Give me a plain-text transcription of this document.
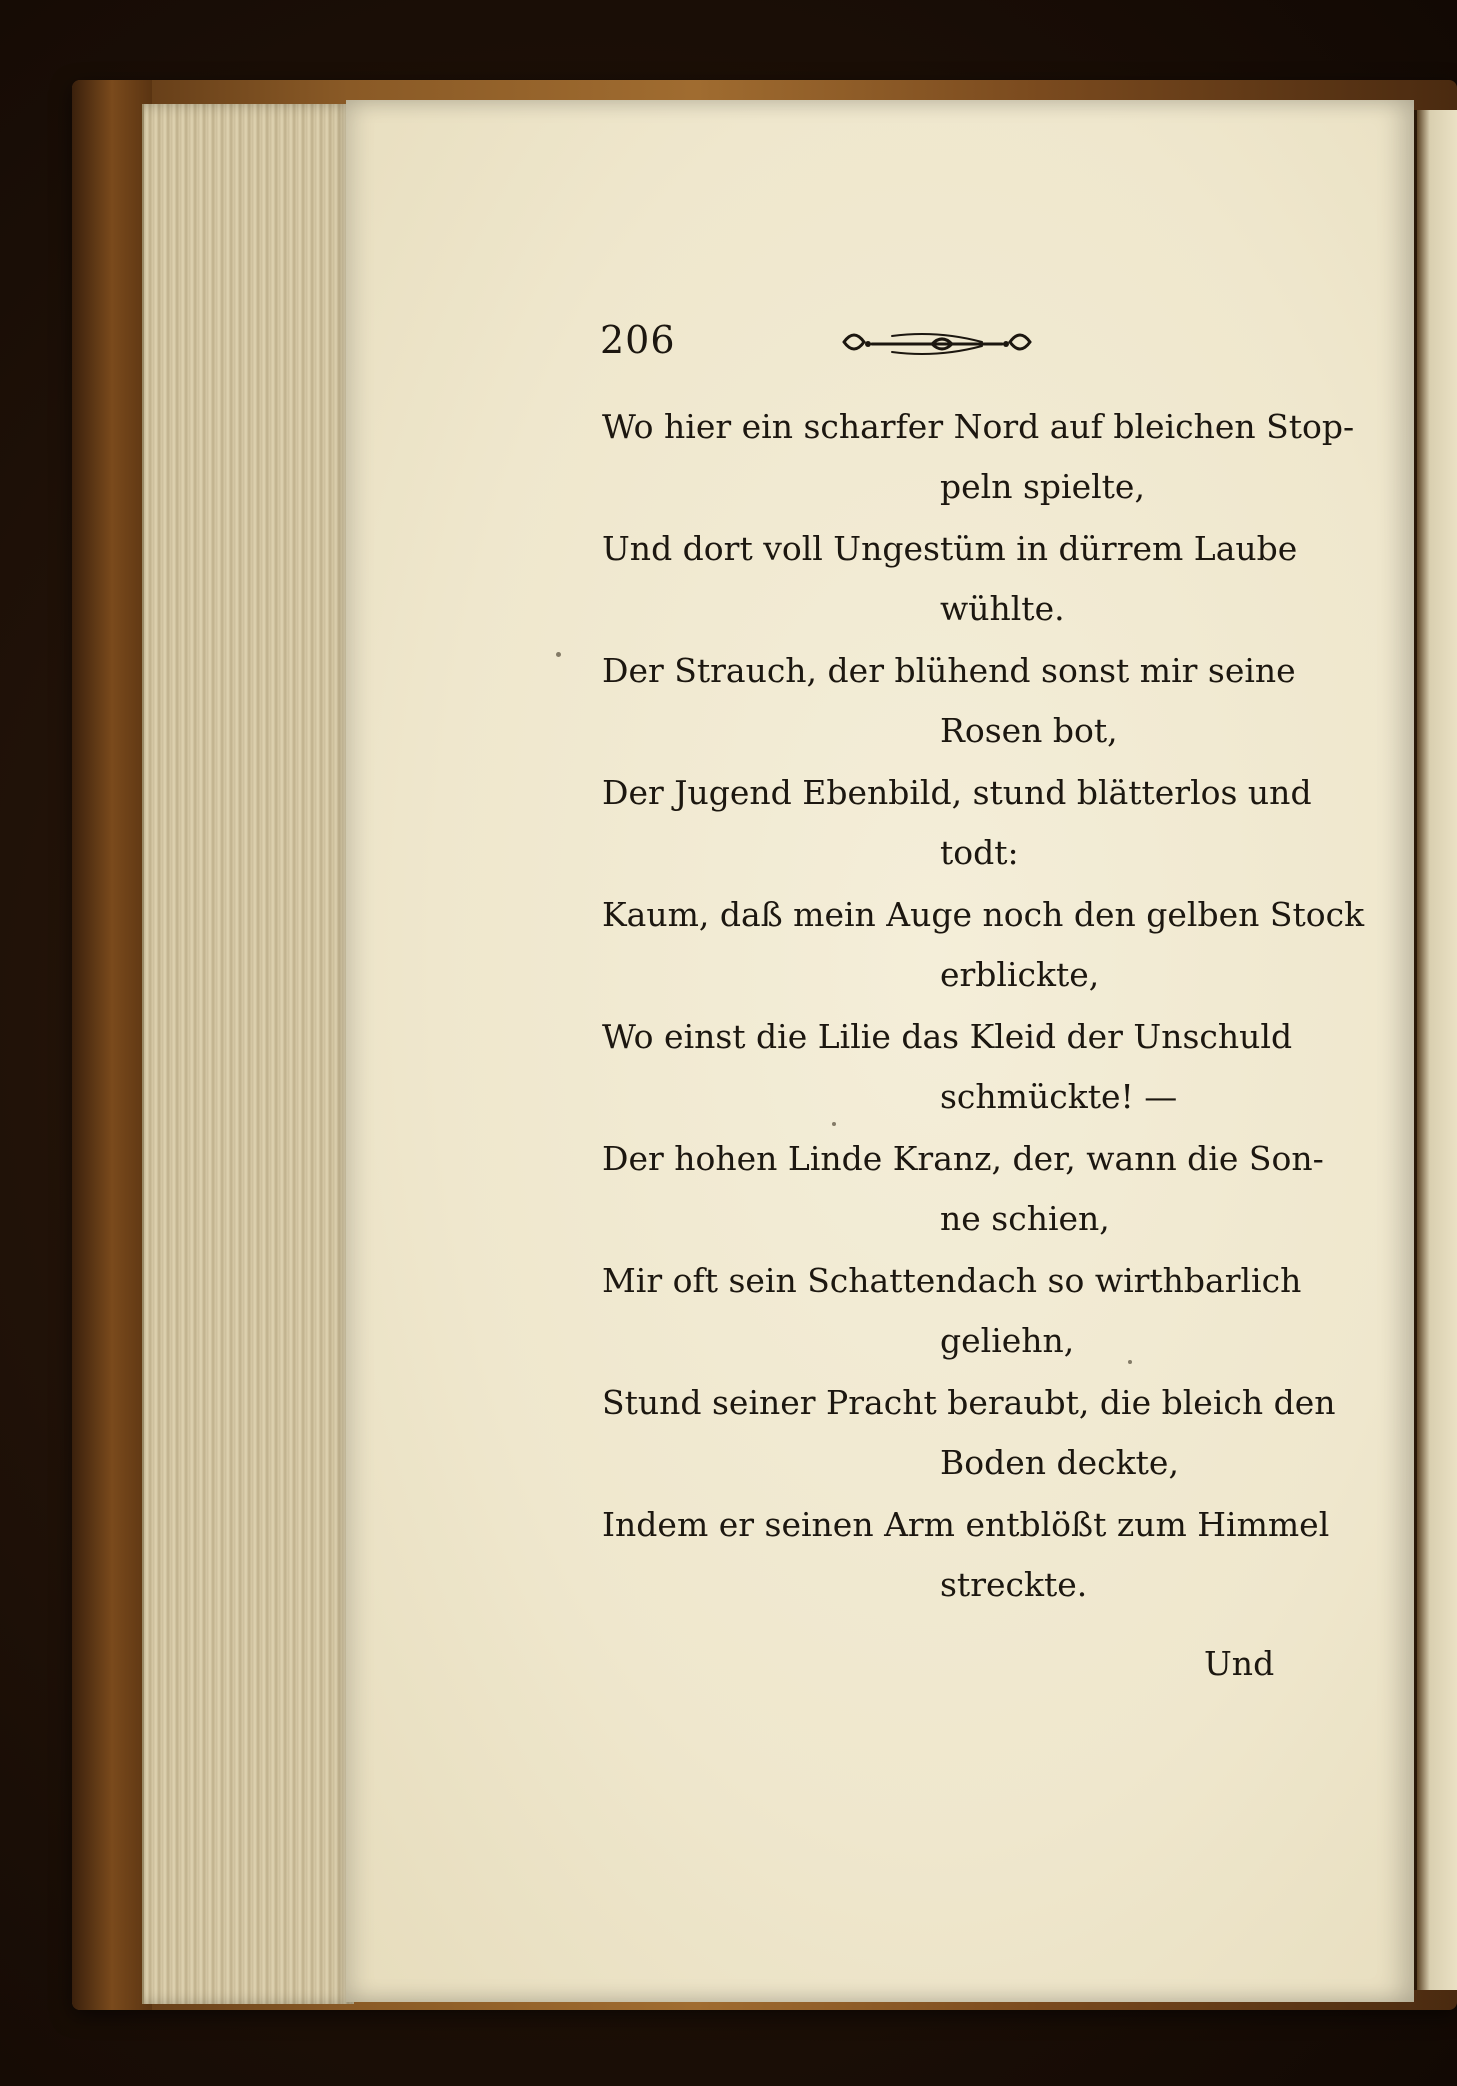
206
Wo hier ein scharfer Nord auf bleichen Stop-
peln spielte,
Und dort voll Ungestüm in dürrem Laube
wühlte.
Der Strauch, der blühend sonst mir seine
Rosen bot,
Der Jugend Ebenbild, stund blätterlos und
todt:
Kaum, daß mein Auge noch den gelben Stock
erblickte,
Wo einst die Lilie das Kleid der Unschuld
schmückte! —
Der hohen Linde Kranz, der, wann die Son-
ne schien,
Mir oft sein Schattendach so wirthbarlich
geliehn,
Stund seiner Pracht beraubt, die bleich den
Boden deckte,
Indem er seinen Arm entblößt zum Himmel
streckte.
Und
